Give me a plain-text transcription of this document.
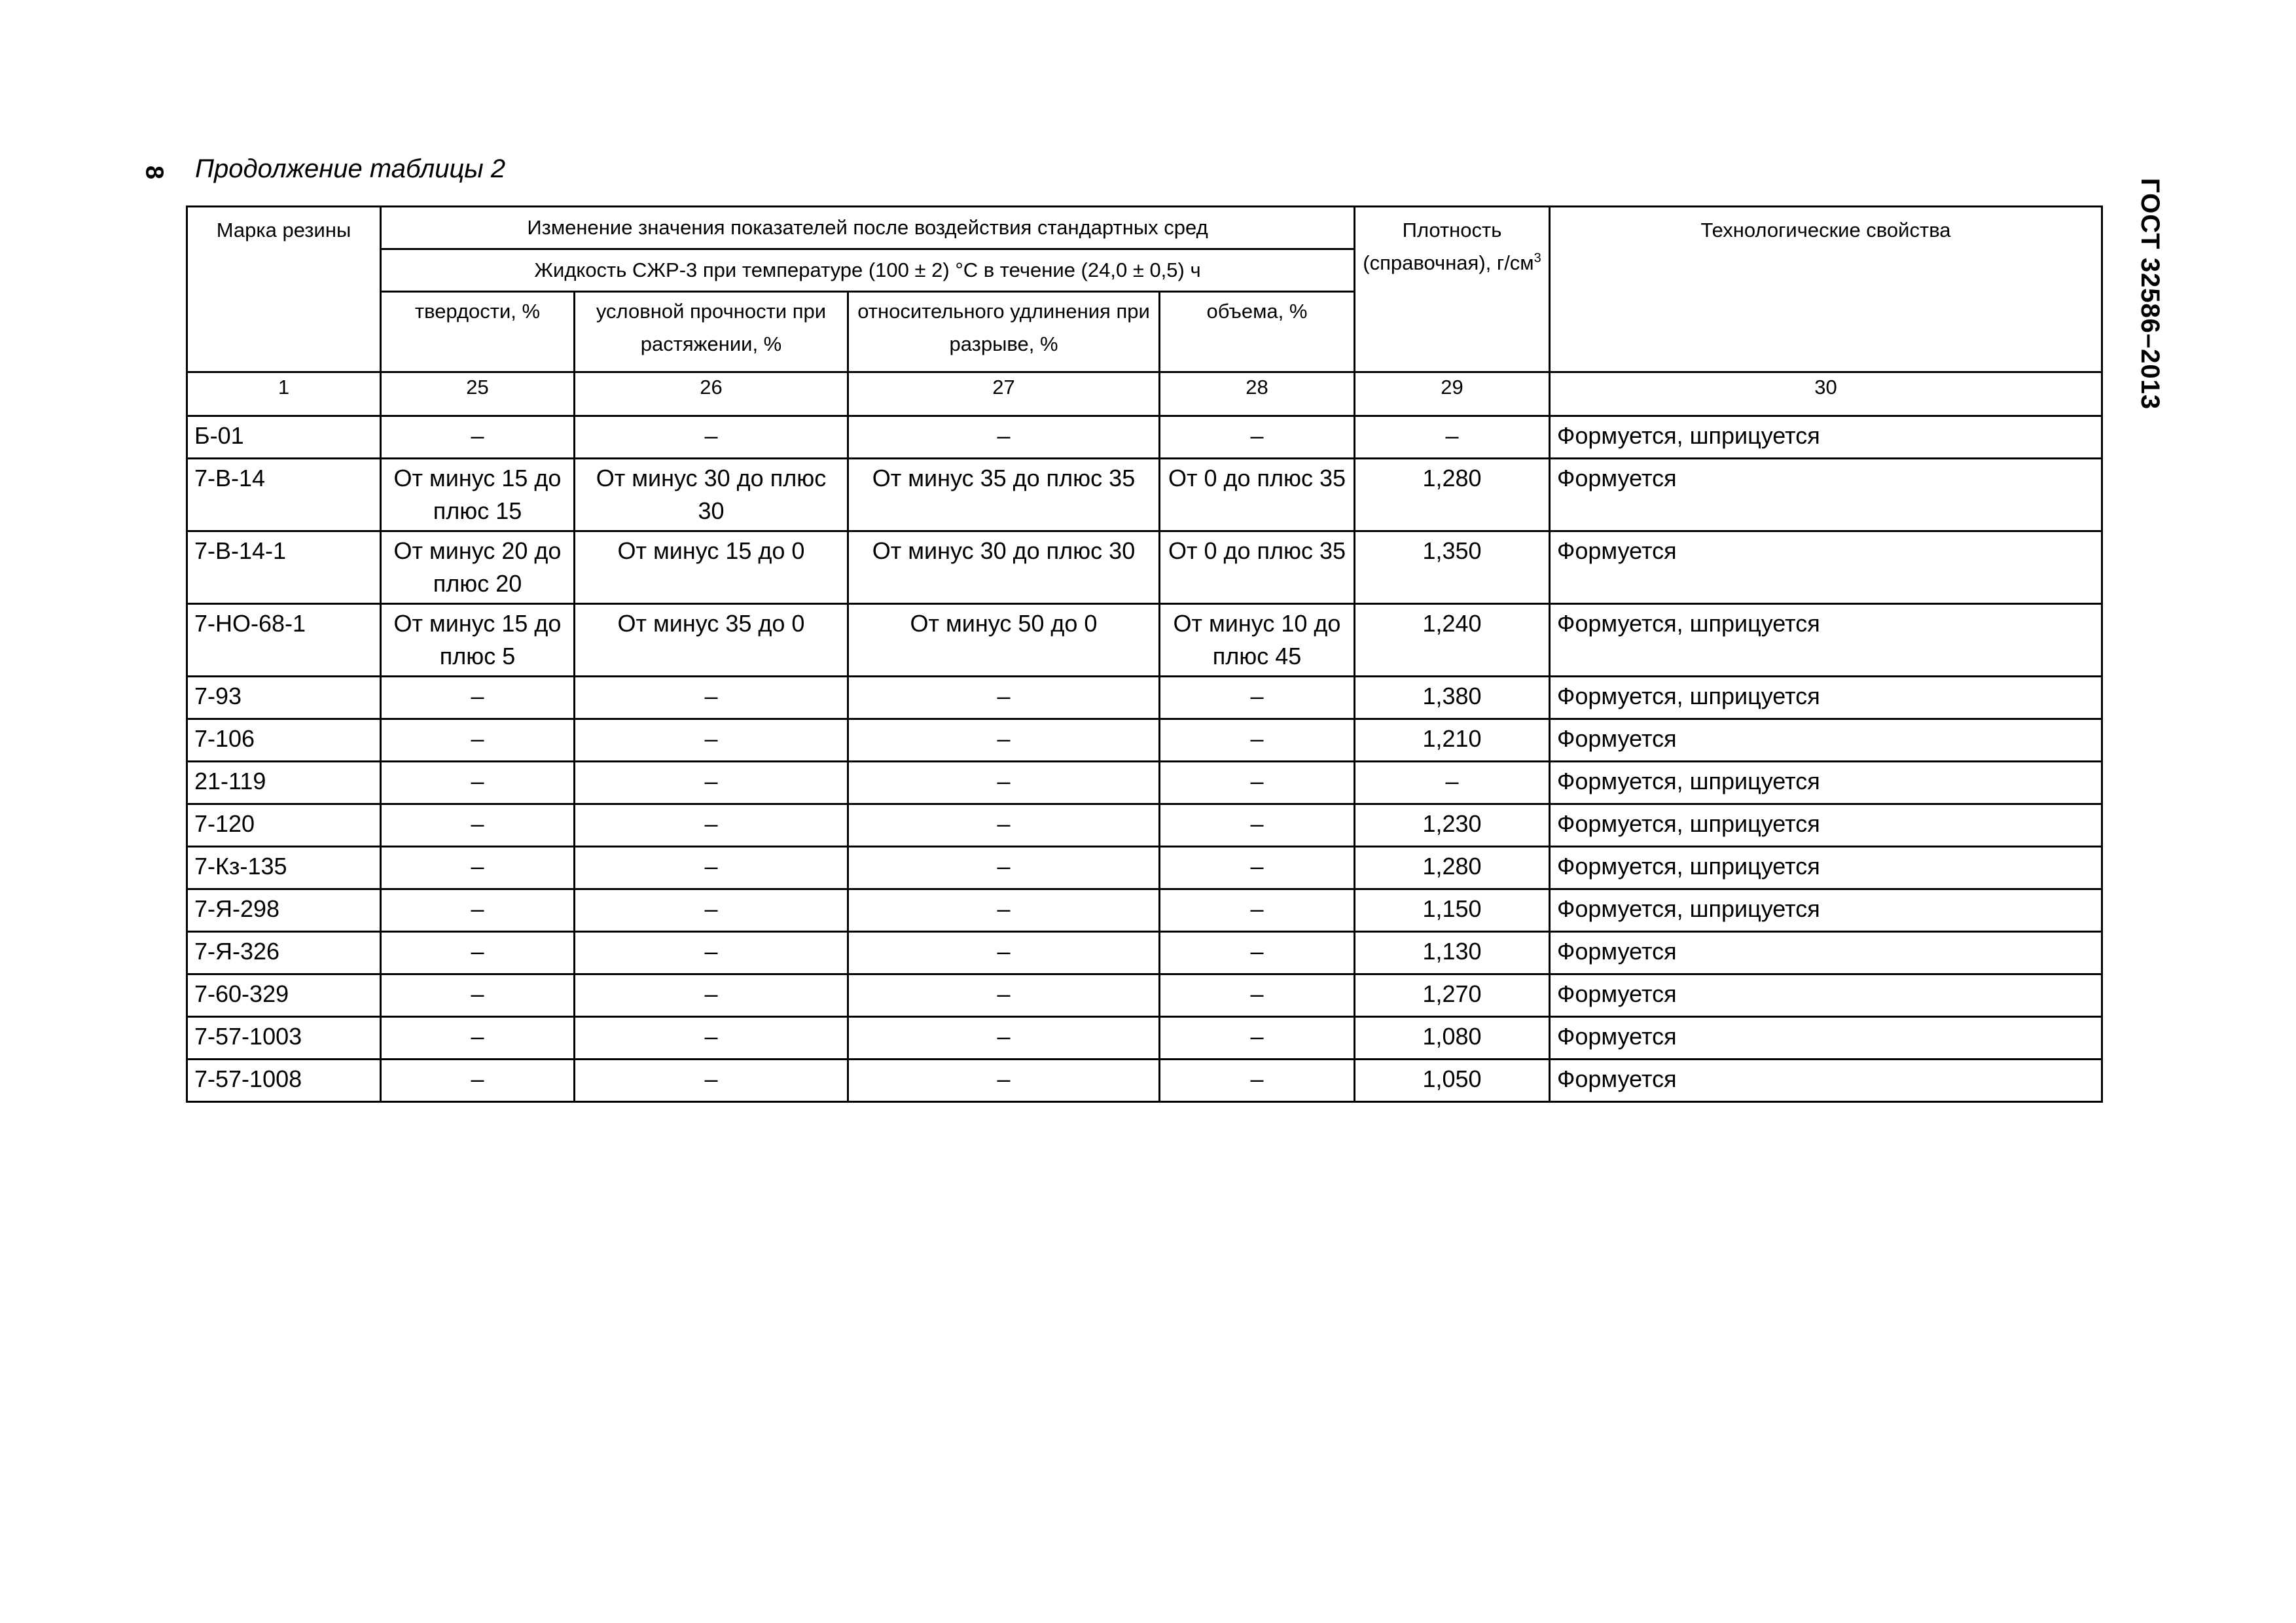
8 Продолжение таблицы 2
ГОСТ 32586–2013
Марка резины	Изменение значения показателей после воздействия стандартных сред				Плотность (справочная), $г/см^3$	Технологические свойства
	Жидкость СЖР-3 при температуре (100 ± 2) °С в течение (24,0 ± 0,5) ч					
	твердости, %	условной прочности при растяжении, %	относительного удлинения при разрыве, %	объема, %		
1	25	26	27	28	29	30
Б-01	–	–	–	–	–	Формуется, шприцуется
7-В-14	От минус 15 до плюс 15	От минус 30 до плюс 30	От минус 35 до плюс 35	От 0 до плюс 35	1,280	Формуется
7-В-14-1	От минус 20 до плюс 20	От минус 15 до 0	От минус 30 до плюс 30	От 0 до плюс 35	1,350	Формуется
7-НО-68-1	От минус 15 до плюс 5	От минус 35 до 0	От минус 50 до 0	От минус 10 до плюс 45	1,240	Формуется, шприцуется
7-93	–	–	–	–	1,380	Формуется, шприцуется
7-106	–	–	–	–	1,210	Формуется
21-119	–	–	–	–	–	Формуется, шприцуется
7-120	–	–	–	–	1,230	Формуется, шприцуется
7-Кз-135	–	–	–	–	1,280	Формуется, шприцуется
7-Я-298	–	–	–	–	1,150	Формуется, шприцуется
7-Я-326	–	–	–	–	1,130	Формуется
7-60-329	–	–	–	–	1,270	Формуется
7-57-1003	–	–	–	–	1,080	Формуется
7-57-1008	–	–	–	–	1,050	Формуется
